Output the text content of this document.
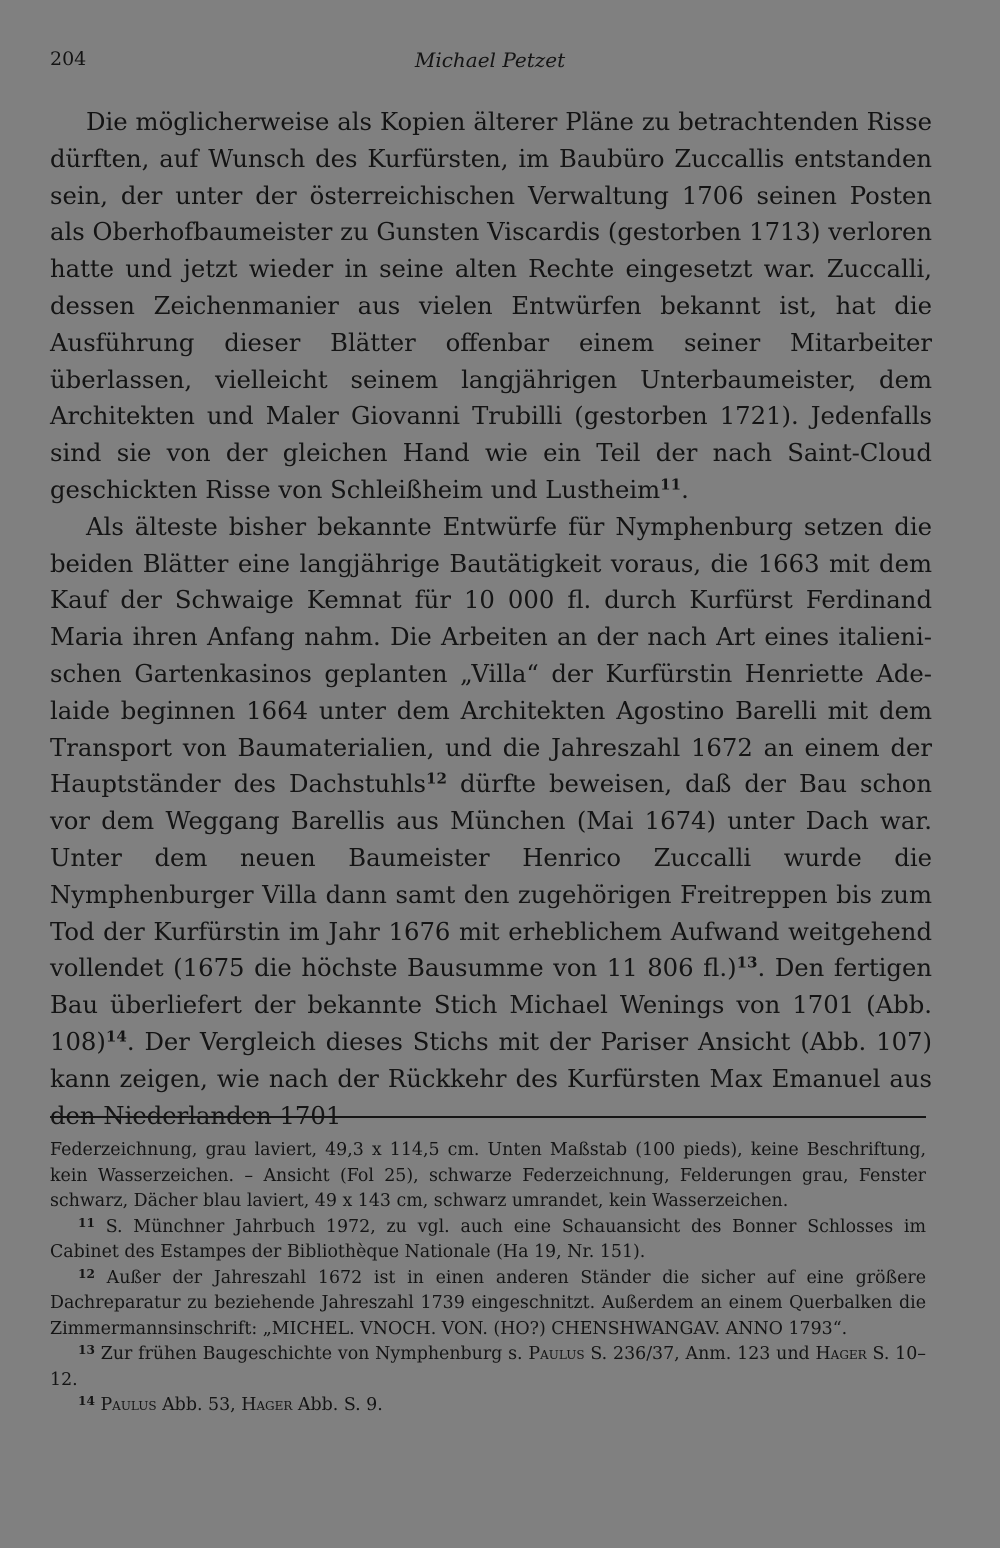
204	Michael Petzet

Die möglicherweise als Kopien älterer Pläne zu betrachtenden Risse dürften, auf Wunsch des Kurfürsten, im Baubüro Zuccallis entstanden sein, der unter der österreichischen Verwaltung 1706 seinen Posten als Oberhofbaumeister zu Gunsten Viscardis (gestorben 1713) verloren hatte und jetzt wieder in seine alten Rechte eingesetzt war. Zuccalli, dessen Zeichenmanier aus vielen Entwürfen bekannt ist, hat die Ausführung dieser Blätter offenbar einem seiner Mitarbeiter überlassen, vielleicht seinem langjährigen Unterbaumeister, dem Architekten und Maler Giovanni Trubilli (gestorben 1721). Jedenfalls sind sie von der gleichen Hand wie ein Teil der nach Saint-Cloud geschickten Risse von Schleißheim und Lustheim$^{11}$.

Als älteste bisher bekannte Entwürfe für Nymphenburg setzen die beiden Blätter eine langjährige Bautätigkeit voraus, die 1663 mit dem Kauf der Schwaige Kemnat für 10 000 fl. durch Kurfürst Ferdinand Maria ihren Anfang nahm. Die Arbeiten an der nach Art eines italienischen Gartenkasinos geplanten „Villa“ der Kurfürstin Henriette Adelaide beginnen 1664 unter dem Architekten Agostino Barelli mit dem Transport von Baumaterialien, und die Jahreszahl 1672 an einem der Hauptständer des Dachstuhls$^{12}$ dürfte beweisen, daß der Bau schon vor dem Weggang Barellis aus München (Mai 1674) unter Dach war. Unter dem neuen Baumeister Henrico Zuccalli wurde die Nymphenburger Villa dann samt den zugehörigen Freitreppen bis zum Tod der Kurfürstin im Jahr 1676 mit erheblichem Aufwand weitgehend vollendet (1675 die höchste Bausumme von 11 806 fl.)$^{13}$. Den fertigen Bau überliefert der bekannte Stich Michael Wenings von 1701 (Abb. 108)$^{14}$. Der Vergleich dieses Stichs mit der Pariser Ansicht (Abb. 107) kann zeigen, wie nach der Rückkehr des Kurfürsten Max Emanuel aus den Niederlanden 1701

Federzeichnung, grau laviert, 49,3 x 114,5 cm. Unten Maßstab (100 pieds), keine Beschriftung, kein Wasserzeichen. – Ansicht (Fol 25), schwarze Federzeichnung, Felderungen grau, Fenster schwarz, Dächer blau laviert, 49 x 143 cm, schwarz umrandet, kein Wasserzeichen.

$^{11}$ S. Münchner Jahrbuch 1972, zu vgl. auch eine Schauansicht des Bonner Schlosses im Cabinet des Estampes der Bibliothèque Nationale (Ha 19, Nr. 151).

$^{12}$ Außer der Jahreszahl 1672 ist in einen anderen Ständer die sicher auf eine größere Dachreparatur zu beziehende Jahreszahl 1739 eingeschnitzt. Außerdem an einem Querbalken die Zimmermannsinschrift: „MICHEL. VNOCH. VON. (HO?) CHENSHWANGAV. ANNO 1793“.

$^{13}$ Zur frühen Baugeschichte von Nymphenburg s. Paulus S. 236/37, Anm. 123 und Hager S. 10–12.

$^{14}$ Paulus Abb. 53, Hager Abb. S. 9.
